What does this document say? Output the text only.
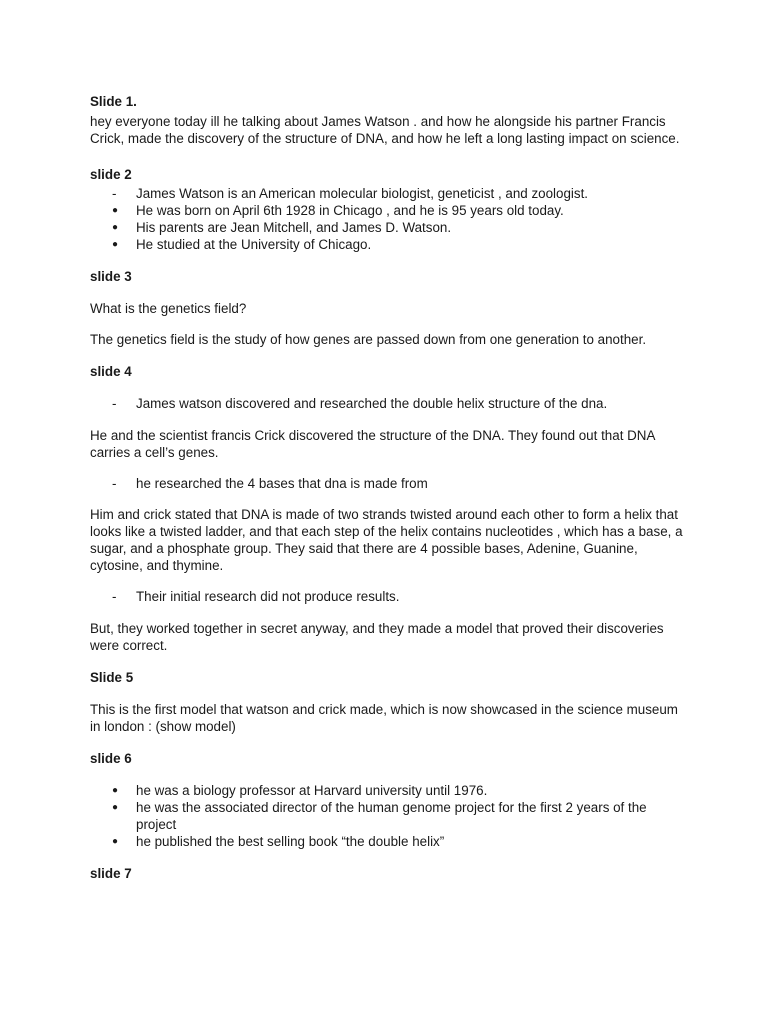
Slide 1.

hey everyone today ill he talking about James Watson . and how he alongside his partner Francis Crick, made the discovery of the structure of DNA, and how he left a long lasting impact on science.

slide 2

- James Watson is an American molecular biologist, geneticist , and zoologist.
● He was born on April 6th 1928 in Chicago , and he is 95 years old today.
● His parents are Jean Mitchell, and James D. Watson.
● He studied at the University of Chicago.

slide 3

What is the genetics field?

The genetics field is the study of how genes are passed down from one generation to another.

slide 4

- James watson discovered and researched the double helix structure of the dna.

He and the scientist francis Crick discovered the structure of the DNA. They found out that DNA carries a cell’s genes.

- he researched the 4 bases that dna is made from

Him and crick stated that DNA is made of two strands twisted around each other to form a helix that looks like a twisted ladder, and that each step of the helix contains nucleotides , which has a base, a sugar, and a phosphate group. They said that there are 4 possible bases, Adenine, Guanine, cytosine, and thymine.

- Their initial research did not produce results.

But, they worked together in secret anyway, and they made a model that proved their discoveries were correct.

Slide 5

This is the first model that watson and crick made, which is now showcased in the science museum in london : (show model)

slide 6

● he was a biology professor at Harvard university until 1976.
● he was the associated director of the human genome project for the first 2 years of the project
● he published the best selling book “the double helix”

slide 7
